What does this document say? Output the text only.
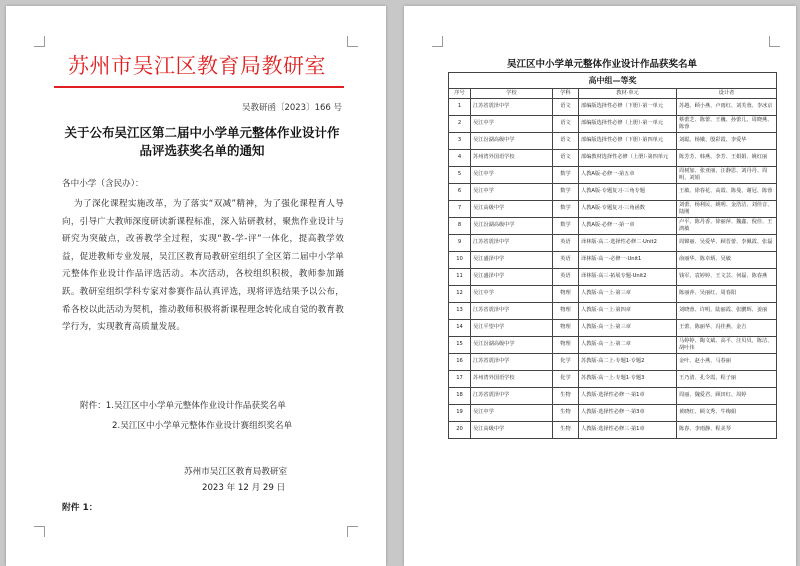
苏州市吴江区教育局教研室
吴教研函〔2023〕166 号
关于公布吴江区第二届中小学单元整体作业设计作品评选获奖名单的通知
各中小学（含民办）：
为了深化课程实施改革，为了落实“双减”精神，为了强化课程育人导向，引导广大教师深度研读新课程标准，深入钻研教材，聚焦作业设计与研究为突破点，改善教学全过程，实现“教-学-评”一体化，提高教学效益，促进教师专业发展，吴江区教育局教研室组织了全区第二届中小学单元整体作业设计作品评选活动。本次活动，各校组织积极，教师参加踊跃。教研室组织学科专家对参赛作品认真评选，现将评选结果予以公布，希各校以此活动为契机，推动教师积极将新课程理念转化成自觉的教育教学行为，实现教育高质量发展。
附件：1.吴江区中小学单元整体作业设计作品获奖名单
2.吴江区中小学单元整体作业设计赛组织奖名单
苏州市吴江区教育局教研室
2023 年 12 月 29 日
附件 1：
吴江区中小学单元整体作业设计作品获奖名单
高中组—等奖				
序号	学校	学科	教材·单元	设计者
1	江苏省震泽中学	语文	部编版选择性必修（下册）·第一单元	苏越、顾小燕、卢雨红、刘芙蓉、李冰京
2	吴江中学	语文	部编版选择性必修（上册）·第一单元	蔡蕾芝、陈蕾、王巍、孙蕾儿、周晓燕、陈蓉
3	吴江汾湖高级中学	语文	部编版选择性必修（下册）·第四单元	刘聪、杨娥、殷彩霞、李爱华
4	苏州湾外国语学校	语文	部编教材选择性必修（上册）·第四单元	陈芳芳、韩燕、李芳、王娟娟、姚红丽
5	吴江中学	数学	人教A版·必修一·第五章	周树加、张亚丽、汪静思、刘丹丹、周明、刘娟
6	吴江中学	数学	人教A版·专题复习·三角专题	王敏、徐春花、高霞、陈曼、谢冠、陈蓉
7	吴江高级中学	数学	人教A版·专题复习·三角函数	刘蕾、杨利民、姚明、金浩洁、刘佳音、陆刚
8	吴江汾湖高级中学	数学	人教A版·必修一·第一章	卢平、陈丹香、徐丽萍、魏鑫、倪佳、王鸿敏
9	江苏省震泽中学	英语	译林版·高二·选择性必修二·Unit2	周锦丽、吴爱华、顾晋蕾、李佩霞、张磊
10	吴江盛泽中学	英语	译林版·高一·必修一·Unit1	俞丽华、陈卓炳、吴敏
11	吴江盛泽中学	英语	译林版·高三·拓展专题·Unit2	钱军、袁婷婷、王文芸、何磊、陈春燕
12	吴江中学	物理	人教版·高一上·第三章	陈丽萍、吴丽红、周春阳
13	江苏省震泽中学	物理	人教版·高一上·第四章	刘晓蓉、许明、陆丽霞、张鹏辉、姜丽
14	吴江平望中学	物理	人教版·高一上·第三章	王蕾、陈丽华、冯佳燕、金吉
15	吴江汾湖高级中学	物理	人教版·高一上·第二章	马婷婷、陶文斌、高平、汪贝贝、陈洁、胡叶伟
16	江苏省震泽中学	化学	苏教版·高二上·专题1·专题2	金叶、赵小燕、马春丽
17	苏州湾外国语学校	化学	苏教版·高一上·专题1·专题3	王乃清、孔令霞、程子丽
18	江苏省震泽中学	生物	人教版·选择性必修一·第1章	周丽、魏爱君、顾田红、周婷
19	吴江中学	生物	人教版·选择性必修一·第3章	黄晓红、顾文秀、牛梅娟
20	吴江高级中学	生物	人教版·选择性必修三·第1章	陈春、李雨静、程美琴
